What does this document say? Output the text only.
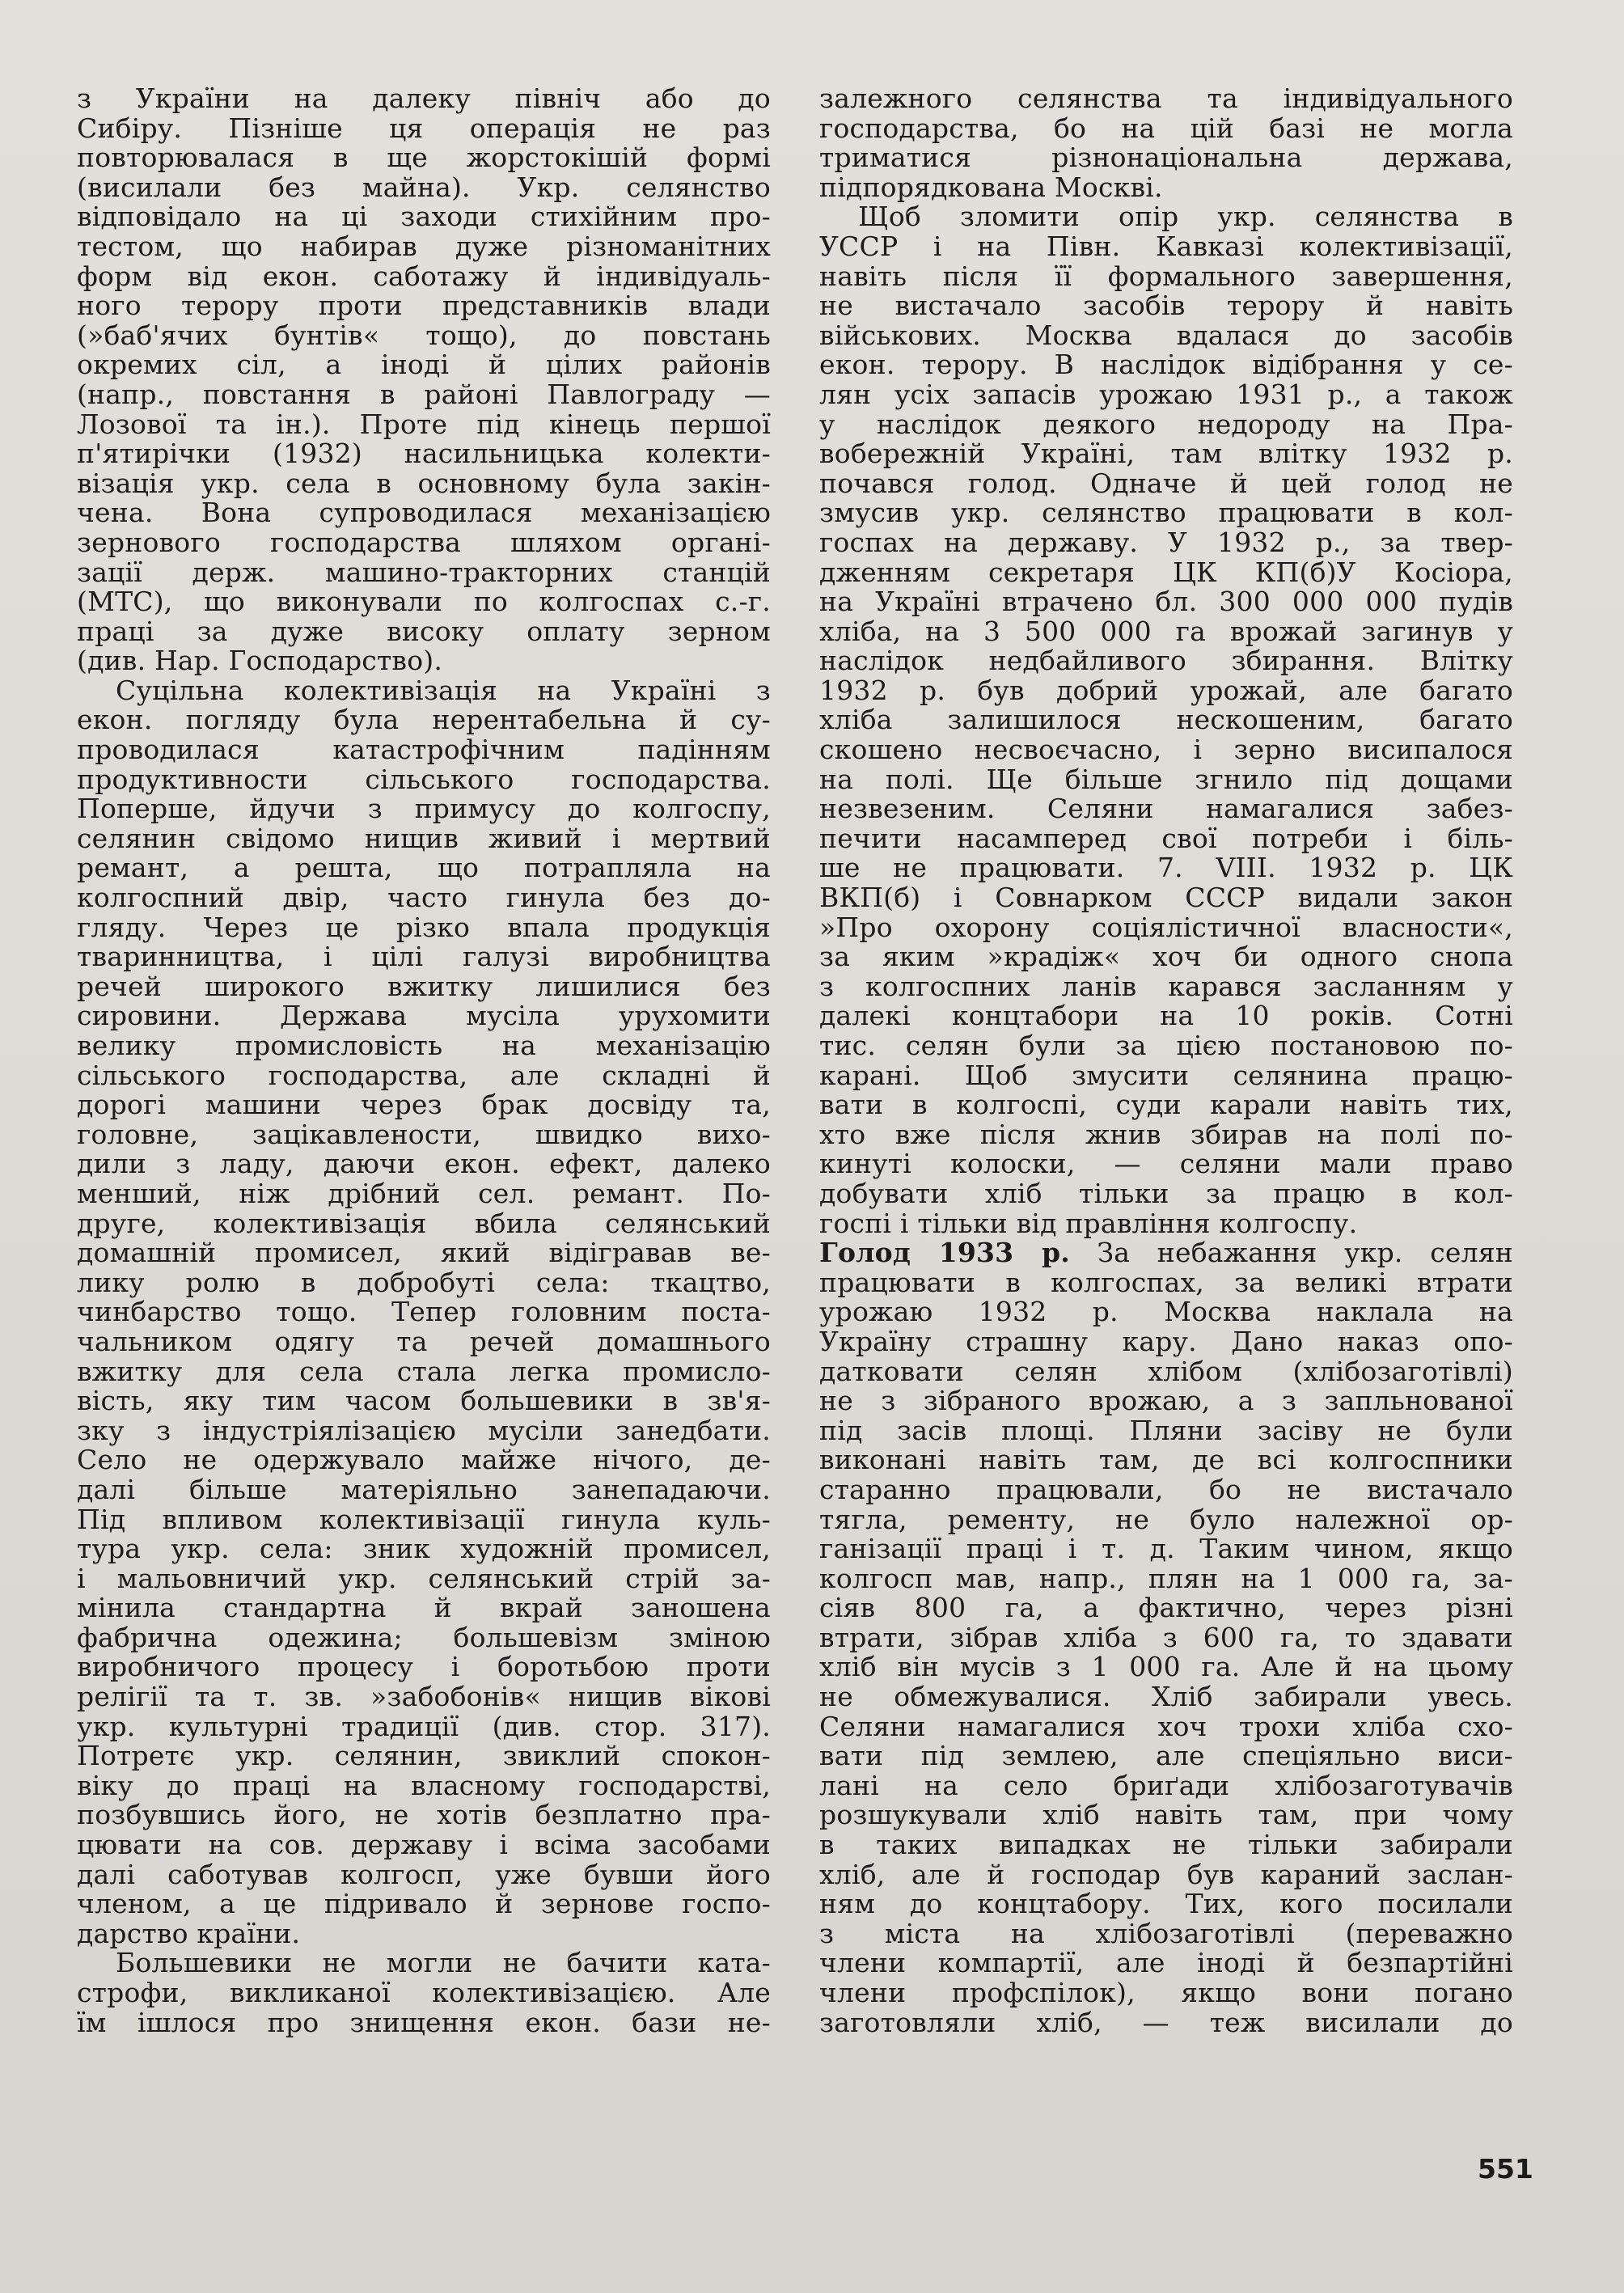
з України на далеку північ або до
Сибіру. Пізніше ця операція не раз
повторювалася в ще жорстокішій формі
(висилали без майна). Укр. селянство
відповідало на ці заходи стихійним про-
тестом, що набирав дуже різноманітних
форм від екон. саботажу й індивідуаль-
ного терору проти представників влади
(»баб'ячих бунтів« тощо), до повстань
окремих сіл, а іноді й цілих районів
(напр., повстання в районі Павлограду —
Лозової та ін.). Проте під кінець першої
п'ятирічки (1932) насильницька колекти-
візація укр. села в основному була закін-
чена. Вона супроводилася механізацією
зернового господарства шляхом органі-
зації держ. машино-тракторних станцій
(МТС), що виконували по колгоспах с.-г.
праці за дуже високу оплату зерном
(див. Нар. Господарство).
Суцільна колективізація на Україні з
екон. погляду була нерентабельна й су-
проводилася катастрофічним падінням
продуктивности сільського господарства.
Поперше, йдучи з примусу до колгоспу,
селянин свідомо нищив живий і мертвий
ремант, а решта, що потрапляла на
колгоспний двір, часто гинула без до-
гляду. Через це різко впала продукція
тваринництва, і цілі галузі виробництва
речей широкого вжитку лишилися без
сировини. Держава мусіла урухомити
велику промисловість на механізацію
сільського господарства, але складні й
дорогі машини через брак досвіду та,
головне, зацікавлености, швидко вихо-
дили з ладу, даючи екон. ефект, далеко
менший, ніж дрібний сел. ремант. По-
друге, колективізація вбила селянський
домашній промисел, який відігравав ве-
лику ролю в добробуті села: ткацтво,
чинбарство тощо. Тепер головним поста-
чальником одягу та речей домашнього
вжитку для села стала легка промисло-
вість, яку тим часом большевики в зв'я-
зку з індустріялізацією мусіли занедбати.
Село не одержувало майже нічого, де-
далі більше матеріяльно занепадаючи.
Під впливом колективізації гинула куль-
тура укр. села: зник художній промисел,
і мальовничий укр. селянський стрій за-
мінила стандартна й вкрай заношена
фабрична одежина; большевізм зміною
виробничого процесу і боротьбою проти
релігії та т. зв. »забобонів« нищив вікові
укр. культурні традиції (див. стор. 317).
Потретє укр. селянин, звиклий спокон-
віку до праці на власному господарстві,
позбувшись його, не хотів безплатно пра-
цювати на сов. державу і всіма засобами
далі саботував колгосп, уже бувши його
членом, а це підривало й зернове госпо-
дарство країни.
Большевики не могли не бачити ката-
строфи, викликаної колективізацією. Але
їм ішлося про знищення екон. бази не-
залежного селянства та індивідуального
господарства, бо на цій базі не могла
триматися різнонаціональна держава,
підпорядкована Москві.
Щоб зломити опір укр. селянства в
УССР і на Півн. Кавказі колективізації,
навіть після її формального завершення,
не вистачало засобів терору й навіть
військових. Москва вдалася до засобів
екон. терору. В наслідок відібрання у се-
лян усіх запасів урожаю 1931 р., а також
у наслідок деякого недороду на Пра-
вобережній Україні, там влітку 1932 р.
почався голод. Одначе й цей голод не
змусив укр. селянство працювати в кол-
госпах на державу. У 1932 р., за твер-
дженням секретаря ЦК КП(б)У Косіора,
на Україні втрачено бл. 300 000 000 пудів
хліба, на 3 500 000 га врожай загинув у
наслідок недбайливого збирання. Влітку
1932 р. був добрий урожай, але багато
хліба залишилося нескошеним, багато
скошено несвоєчасно, і зерно висипалося
на полі. Ще більше згнило під дощами
незвезеним. Селяни намагалися забез-
печити насамперед свої потреби і біль-
ше не працювати. 7. VIII. 1932 р. ЦК
ВКП(б) і Совнарком СССР видали закон
»Про охорону соціялістичної власности«,
за яким »крадіж« хоч би одного снопа
з колгоспних ланів карався засланням у
далекі концтабори на 10 років. Сотні
тис. селян були за цією постановою по-
карані. Щоб змусити селянина працю-
вати в колгоспі, суди карали навіть тих,
хто вже після жнив збирав на полі по-
кинуті колоски, — селяни мали право
добувати хліб тільки за працю в кол-
госпі і тільки від правління колгоспу.
Голод 1933 р. За небажання укр. селян
працювати в колгоспах, за великі втрати
урожаю 1932 р. Москва наклала на
Україну страшну кару. Дано наказ опо-
датковати селян хлібом (хлібозаготівлі)
не з зібраного врожаю, а з запльнованої
під засів площі. Пляни засіву не були
виконані навіть там, де всі колгоспники
старанно працювали, бо не вистачало
тягла, ременту, не було належної ор-
ганізації праці і т. д. Таким чином, якщо
колгосп мав, напр., плян на 1 000 га, за-
сіяв 800 га, а фактично, через різні
втрати, зібрав хліба з 600 га, то здавати
хліб він мусів з 1 000 га. Але й на цьому
не обмежувалися. Хліб забирали увесь.
Селяни намагалися хоч трохи хліба схо-
вати під землею, але спеціяльно виси-
лані на село бриґади хлібозаготувачів
розшукували хліб навіть там, при чому
в таких випадках не тільки забирали
хліб, але й господар був караний заслан-
ням до концтабору. Тих, кого посилали
з міста на хлібозаготівлі (переважно
члени компартії, але іноді й безпартійні
члени профспілок), якщо вони погано
заготовляли хліб, — теж висилали до
551
